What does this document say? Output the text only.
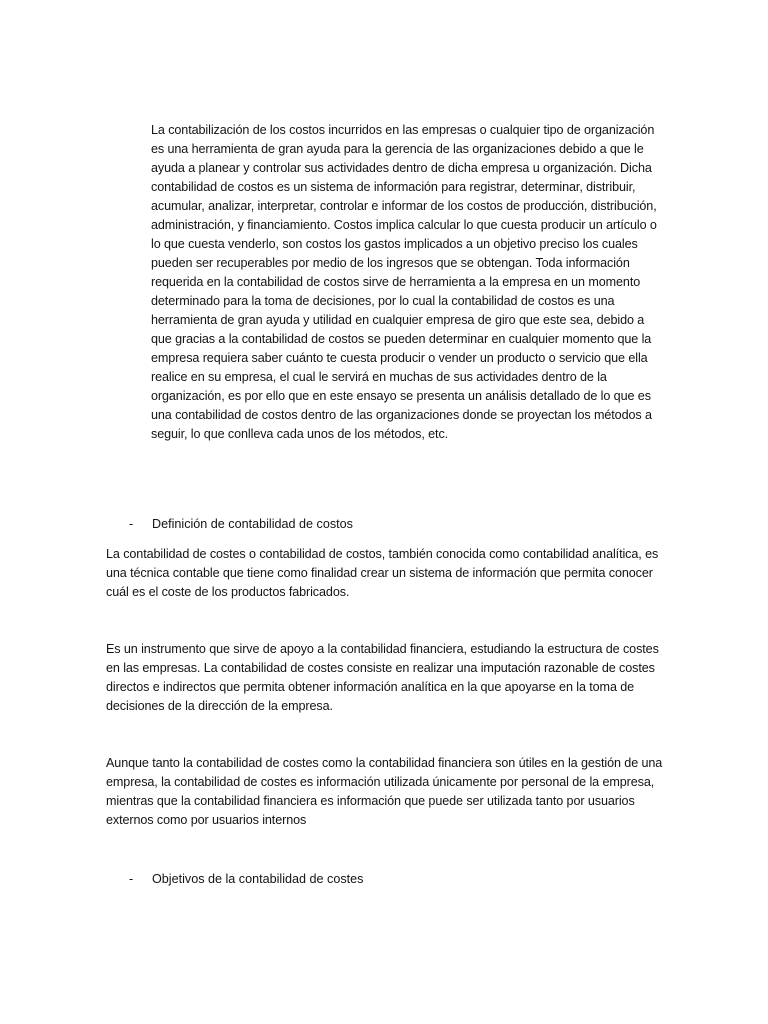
La contabilización de los costos incurridos en las empresas o cualquier tipo de organización es una herramienta de gran ayuda para la gerencia de las organizaciones debido a que le ayuda a planear y controlar sus actividades dentro de dicha empresa u organización. Dicha contabilidad de costos es un sistema de información para registrar, determinar, distribuir, acumular, analizar, interpretar, controlar e informar de los costos de producción, distribución, administración, y financiamiento. Costos implica calcular lo que cuesta producir un artículo o lo que cuesta venderlo, son costos los gastos implicados a un objetivo preciso los cuales pueden ser recuperables por medio de los ingresos que se obtengan. Toda información requerida en la contabilidad de costos sirve de herramienta a la empresa en un momento determinado para la toma de decisiones, por lo cual la contabilidad de costos es una herramienta de gran ayuda y utilidad en cualquier empresa de giro que este sea, debido a que gracias a la contabilidad de costos se pueden determinar en cualquier momento que la empresa requiera saber cuánto te cuesta producir o vender un producto o servicio que ella realice en su empresa, el cual le servirá en muchas de sus actividades dentro de la organización, es por ello que en este ensayo se presenta un análisis detallado de lo que es una contabilidad de costos dentro de las organizaciones donde se proyectan los métodos a seguir, lo que conlleva cada unos de los métodos, etc.

-	Definición de contabilidad de costos

La contabilidad de costes o contabilidad de costos, también conocida como contabilidad analítica, es una técnica contable que tiene como finalidad crear un sistema de información que permita conocer cuál es el coste de los productos fabricados.

Es un instrumento que sirve de apoyo a la contabilidad financiera, estudiando la estructura de costes en las empresas. La contabilidad de costes consiste en realizar una imputación razonable de costes directos e indirectos que permita obtener información analítica en la que apoyarse en la toma de decisiones de la dirección de la empresa.

Aunque tanto la contabilidad de costes como la contabilidad financiera son útiles en la gestión de una empresa, la contabilidad de costes es información utilizada únicamente por personal de la empresa, mientras que la contabilidad financiera es información que puede ser utilizada tanto por usuarios externos como por usuarios internos

-	Objetivos de la contabilidad de costes
